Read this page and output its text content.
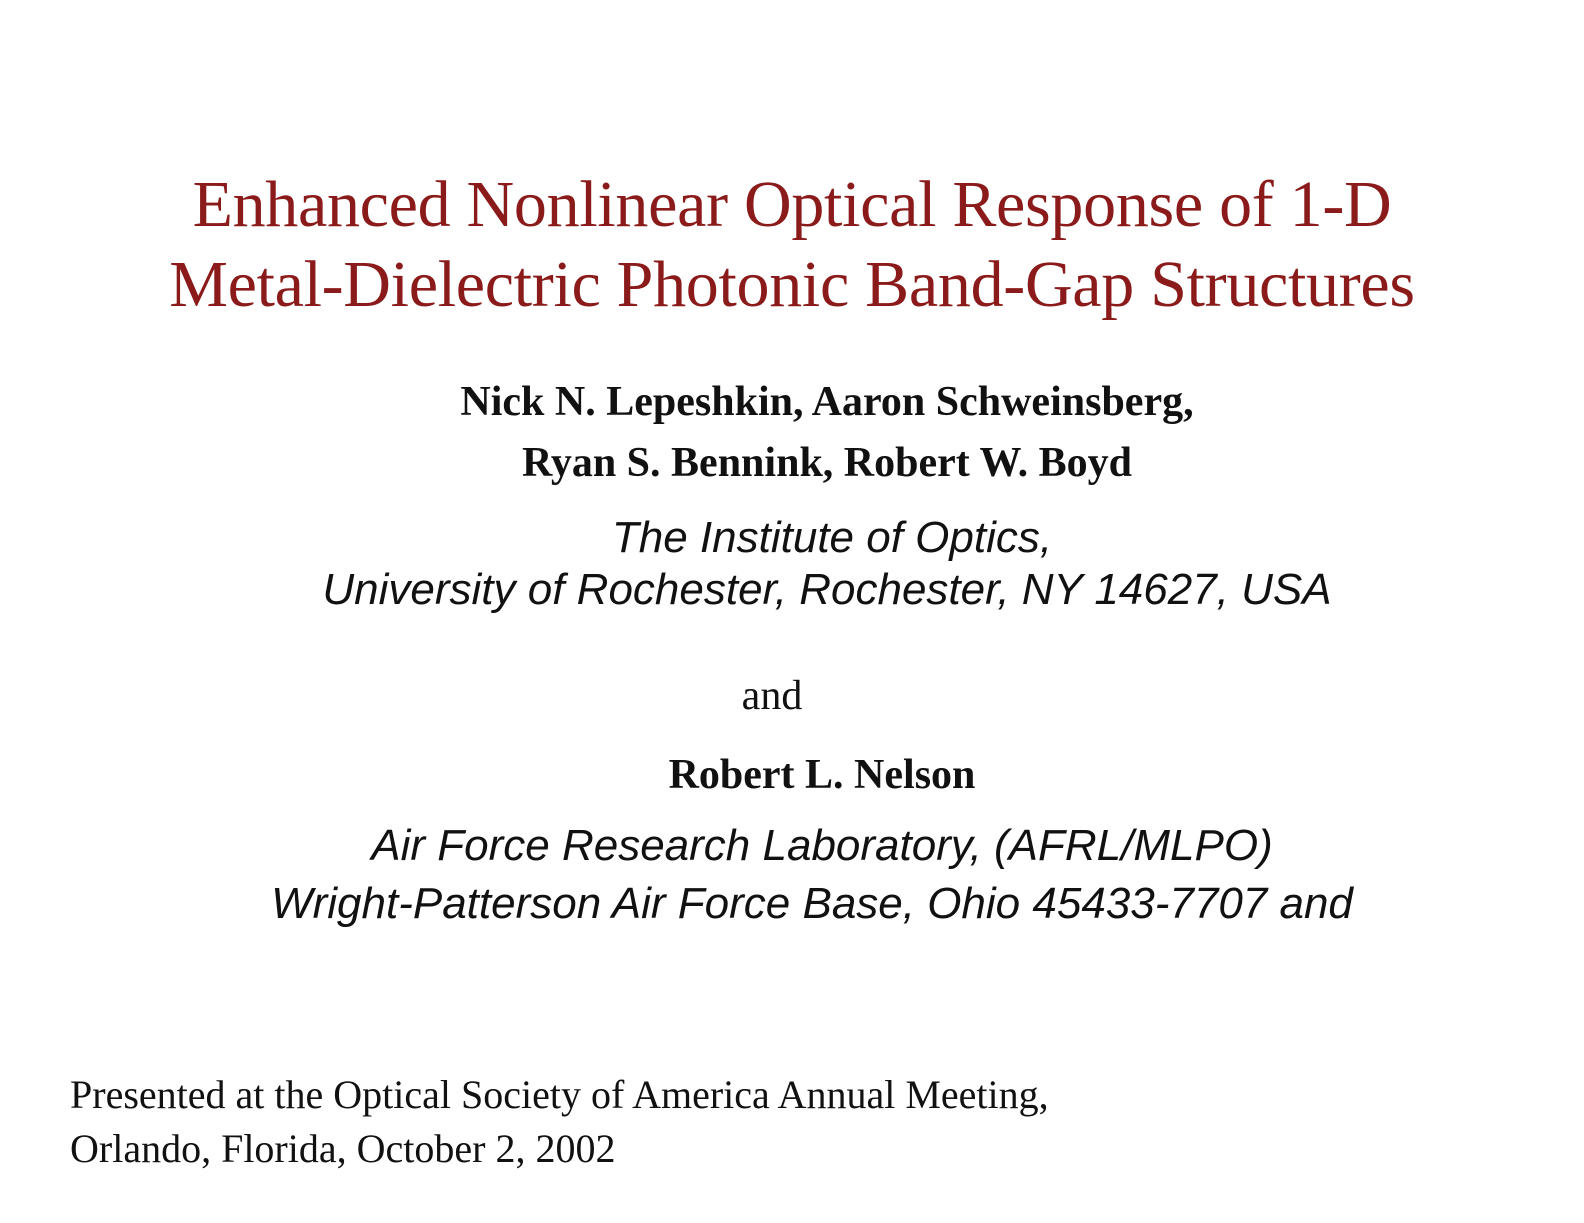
Enhanced Nonlinear Optical Response of 1-D
Metal-Dielectric Photonic Band-Gap Structures
Nick N. Lepeshkin, Aaron Schweinsberg,
Ryan S. Bennink, Robert W. Boyd
The Institute of Optics,
University of Rochester, Rochester, NY 14627, USA
and
Robert L. Nelson
Air Force Research Laboratory, (AFRL/MLPO)
Wright-Patterson Air Force Base, Ohio 45433-7707 and
Presented at the Optical Society of America Annual Meeting,
Orlando, Florida, October 2, 2002
